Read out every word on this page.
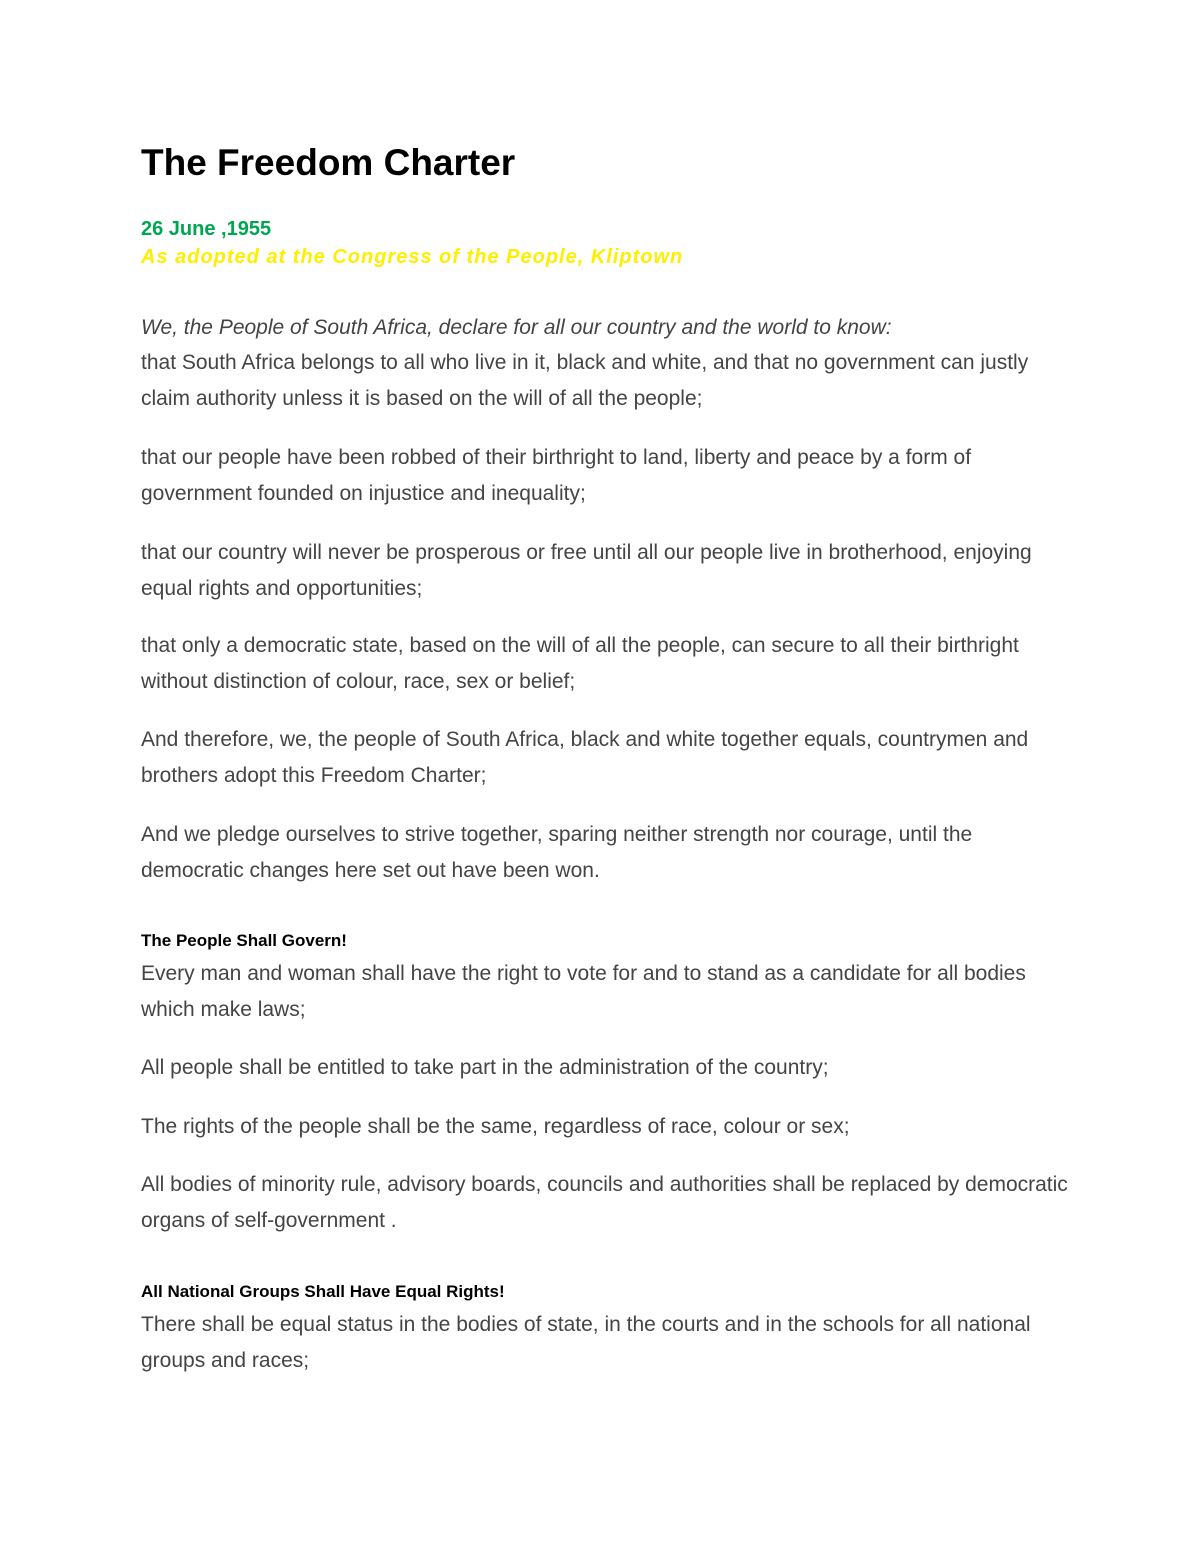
The Freedom Charter
26 June ,1955
As adopted at the Congress of the People, Kliptown

We, the People of South Africa, declare for all our country and the world to know:

that South Africa belongs to all who live in it, black and white, and that no government can justly claim authority unless it is based on the will of all the people;

that our people have been robbed of their birthright to land, liberty and peace by a form of government founded on injustice and inequality;

that our country will never be prosperous or free until all our people live in brotherhood, enjoying equal rights and opportunities;

that only a democratic state, based on the will of all the people, can secure to all their birthright without distinction of colour, race, sex or belief;

And therefore, we, the people of South Africa, black and white together equals, countrymen and brothers adopt this Freedom Charter;

And we pledge ourselves to strive together, sparing neither strength nor courage, until the democratic changes here set out have been won.

The People Shall Govern!

Every man and woman shall have the right to vote for and to stand as a candidate for all bodies which make laws;

All people shall be entitled to take part in the administration of the country;

The rights of the people shall be the same, regardless of race, colour or sex;

All bodies of minority rule, advisory boards, councils and authorities shall be replaced by democratic organs of self-government .

All National Groups Shall Have Equal Rights!

There shall be equal status in the bodies of state, in the courts and in the schools for all national groups and races;
